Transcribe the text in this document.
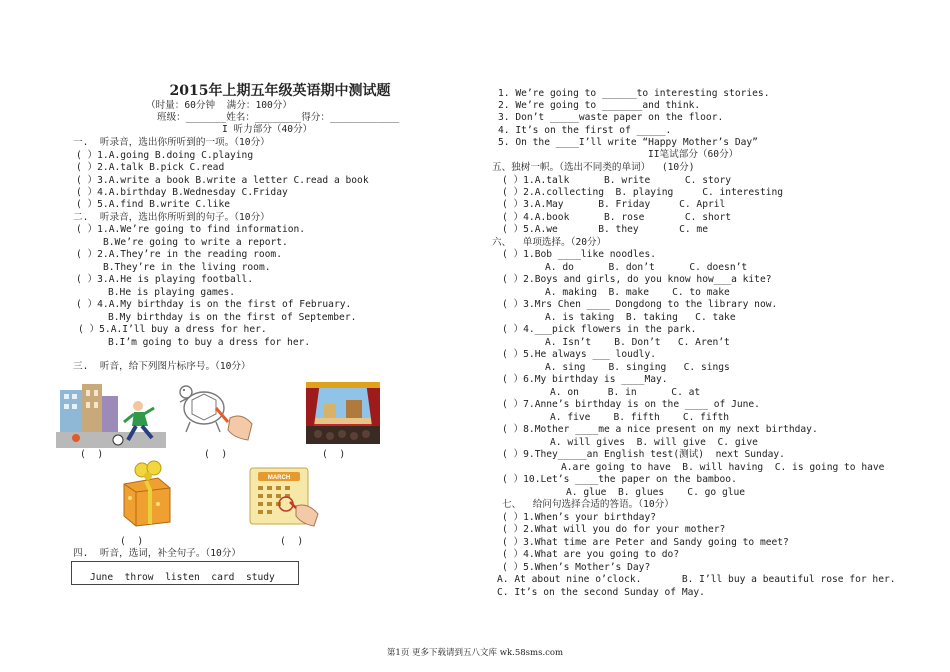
2015年上期五年级英语期中测试题
（时量：60分钟  满分：100分）
班级：_______姓名：________得分：____________
I 听力部分（40分）
一.  听录音，选出你所听到的一项。（10分）
( ）1.A.going B.doing C.playing
( ）2.A.talk B.pick C.read
( ）3.A.write a book B.write a letter C.read a book
( ）4.A.birthday B.Wednesday C.Friday
( ）5.A.find B.write C.like
二.  听录音，选出你所听到的句子。（10分）
( ）1.A.We’re going to find information.
B.We’re going to write a report.
( ）2.A.They’re in the reading room.
B.They’re in the living room.
( ）3.A.He is playing football.
B.He is playing games.
( ）4.A.My birthday is on the first of February.
B.My birthday is on the first of September.
( ）5.A.I’ll buy a dress for her.
B.I’m going to buy a dress for her.
三.  听音，给下列图片标序号。（10分）
(  )	(  )	(  )
(  )	(  )
四.  听音，选词，补全句子。（10分）
1. We’re going to ______to interesting stories.
2. We’re going to _______and think.
3. Don’t _____waste paper on the floor.
4. It’s on the first of _____.
5. On the ____I’ll write “Happy Mother’s Day”
II笔试部分（60分）
五、独树一帜。（选出不同类的单词）  (10分)
( ）1.A.talk      B. write      C. story
( ）2.A.collecting  B. playing     C. interesting
( ）3.A.May      B. Friday     C. April
( ）4.A.book      B. rose       C. short
( ）5.A.we       B. they       C. me
六、  单项选择。（20分）
( ）1.Bob ____like noodles.
A. do      B. don’t      C. doesn’t
( ）2.Boys and girls, do you know how___a kite?
A. making  B. make    C. to make
( ）3.Mrs Chen ____ Dongdong to the library now.
A. is taking  B. taking   C. take
( ）4.___pick flowers in the park.
A. Isn’t    B. Don’t   C. Aren’t
( ）5.He always ___ loudly.
A. sing    B. singing   C. sings
( ）6.My birthday is ____May.
A. on     B. in      C. at
( ）7.Anne’s birthday is on the ____ of June.
A. five    B. fifth    C. fifth
( ）8.Mother ____me a nice present on my next birthday.
A. will gives  B. will give  C. give
( ）9.They_____an English test(测试)  next Sunday.
A.are going to have  B. will having  C. is going to have
( ）10.Let’s ____the paper on the bamboo.
A. glue  B. glues    C. go glue
七、  给问句选择合适的答语。（10分）
( ）1.When’s your birthday?
( ）2.What will you do for your mother?
( ）3.What time are Peter and Sandy going to meet?
( ）4.What are you going to do?
( ）5.When’s Mother’s Day?
A. At about nine o’clock.       B. I’ll buy a beautiful rose for her.
C. It’s on the second Sunday of May.
June  throw  listen  card  study
MARCH
第1页 更多下载请到五八文库 wk.58sms.com
